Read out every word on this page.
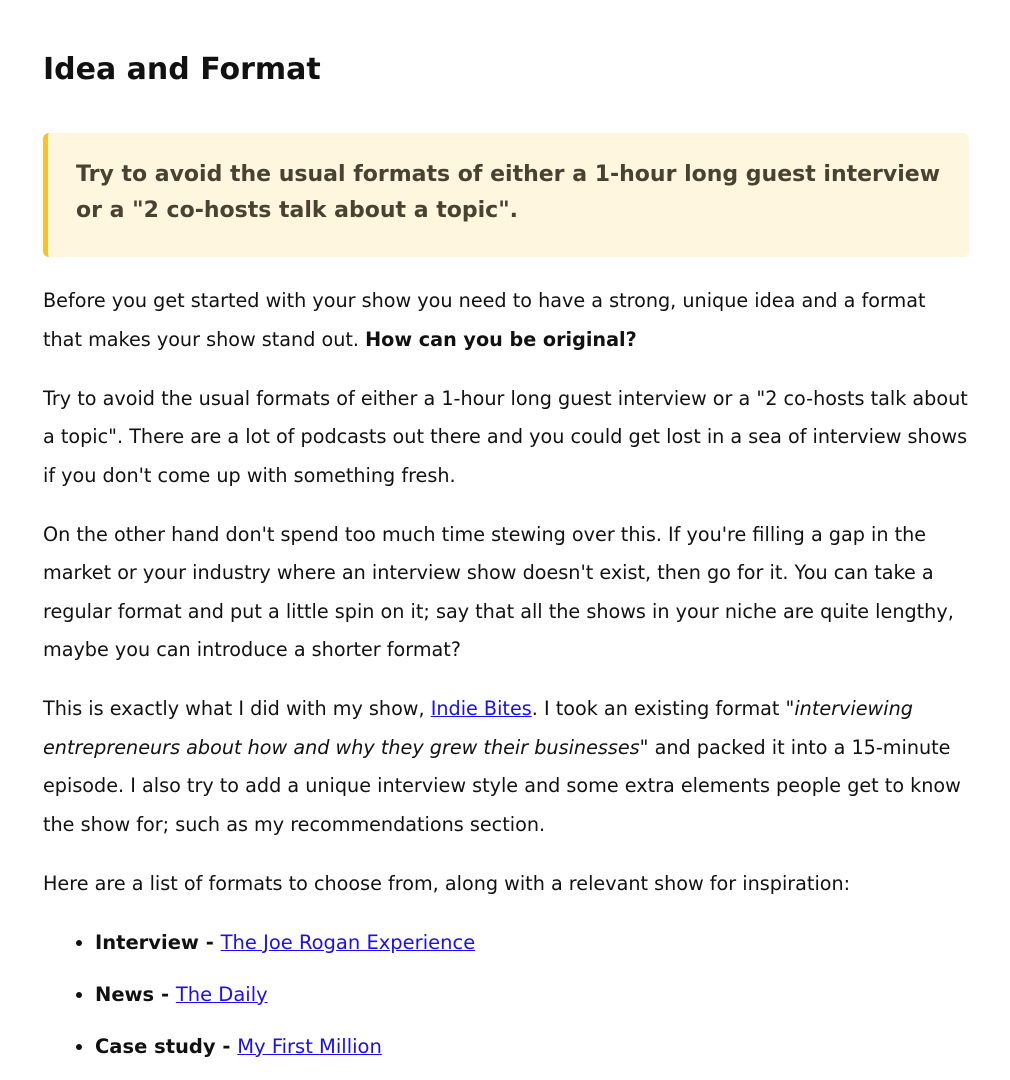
Idea and Format
Try to avoid the usual formats of either a 1-hour long guest interview or a "2 co-hosts talk about a topic".

Before you get started with your show you need to have a strong, unique idea and a format that makes your show stand out. How can you be original?

Try to avoid the usual formats of either a 1-hour long guest interview or a "2 co-hosts talk about a topic". There are a lot of podcasts out there and you could get lost in a sea of interview shows if you don't come up with something fresh.

On the other hand don't spend too much time stewing over this. If you're filling a gap in the market or your industry where an interview show doesn't exist, then go for it. You can take a regular format and put a little spin on it; say that all the shows in your niche are quite lengthy, maybe you can introduce a shorter format?

This is exactly what I did with my show, Indie Bites. I took an existing format "interviewing entrepreneurs about how and why they grew their businesses" and packed it into a 15-minute episode. I also try to add a unique interview style and some extra elements people get to know the show for; such as my recommendations section.

Here are a list of formats to choose from, along with a relevant show for inspiration:

• Interview - The Joe Rogan Experience
• News - The Daily
• Case study - My First Million
